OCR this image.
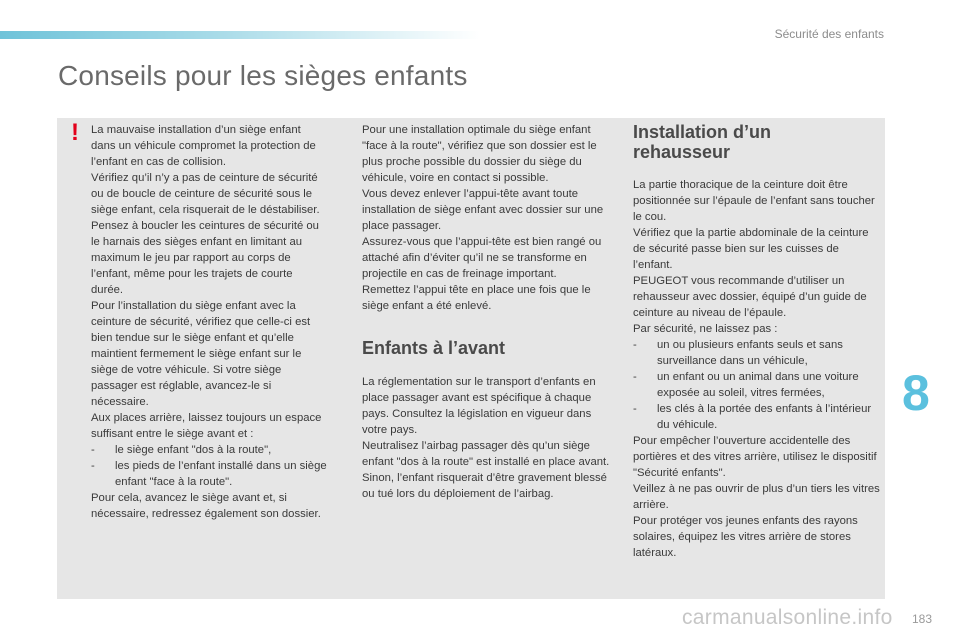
Sécurité des enfants
Conseils pour les sièges enfants
!	La mauvaise installation d’un siège enfant dans un véhicule compromet la protection de l’enfant en cas de collision.

Vérifiez qu’il n’y a pas de ceinture de sécurité ou de boucle de ceinture de sécurité sous le siège enfant, cela risquerait de le déstabiliser.

Pensez à boucler les ceintures de sécurité ou le harnais des sièges enfant en limitant au maximum le jeu par rapport au corps de l’enfant, même pour les trajets de courte durée.

Pour l’installation du siège enfant avec la ceinture de sécurité, vérifiez que celle-ci est bien tendue sur le siège enfant et qu’elle maintient fermement le siège enfant sur le siège de votre véhicule. Si votre siège passager est réglable, avancez-le si nécessaire.

Aux places arrière, laissez toujours un espace suffisant entre le siège avant et :

- le siège enfant "dos à la route",

- les pieds de l’enfant installé dans un siège enfant "face à la route".

Pour cela, avancez le siège avant et, si nécessaire, redressez également son dossier.

Pour une installation optimale du siège enfant "face à la route", vérifiez que son dossier est le plus proche possible du dossier du siège du véhicule, voire en contact si possible.

Vous devez enlever l’appui-tête avant toute installation de siège enfant avec dossier sur une place passager.

Assurez-vous que l’appui-tête est bien rangé ou attaché afin d’éviter qu’il ne se transforme en projectile en cas de freinage important.

Remettez l’appui tête en place une fois que le siège enfant a été enlevé.

Enfants à l’avant

La réglementation sur le transport d’enfants en place passager avant est spécifique à chaque pays. Consultez la législation en vigueur dans votre pays.

Neutralisez l’airbag passager dès qu’un siège enfant "dos à la route" est installé en place avant.

Sinon, l’enfant risquerait d’être gravement blessé ou tué lors du déploiement de l’airbag.

Installation d’un
rehausseur

La partie thoracique de la ceinture doit être positionnée sur l’épaule de l’enfant sans toucher le cou.

Vérifiez que la partie abdominale de la ceinture de sécurité passe bien sur les cuisses de l’enfant.

PEUGEOT vous recommande d’utiliser un rehausseur avec dossier, équipé d’un guide de ceinture au niveau de l’épaule.

Par sécurité, ne laissez pas :

- un ou plusieurs enfants seuls et sans surveillance dans un véhicule,

- un enfant ou un animal dans une voiture exposée au soleil, vitres fermées,

- les clés à la portée des enfants à l’intérieur du véhicule.

Pour empêcher l’ouverture accidentelle des portières et des vitres arrière, utilisez le dispositif "Sécurité enfants".

Veillez à ne pas ouvrir de plus d’un tiers les vitres arrière.

Pour protéger vos jeunes enfants des rayons solaires, équipez les vitres arrière de stores latéraux.

8
carmanualsonline.info 183
